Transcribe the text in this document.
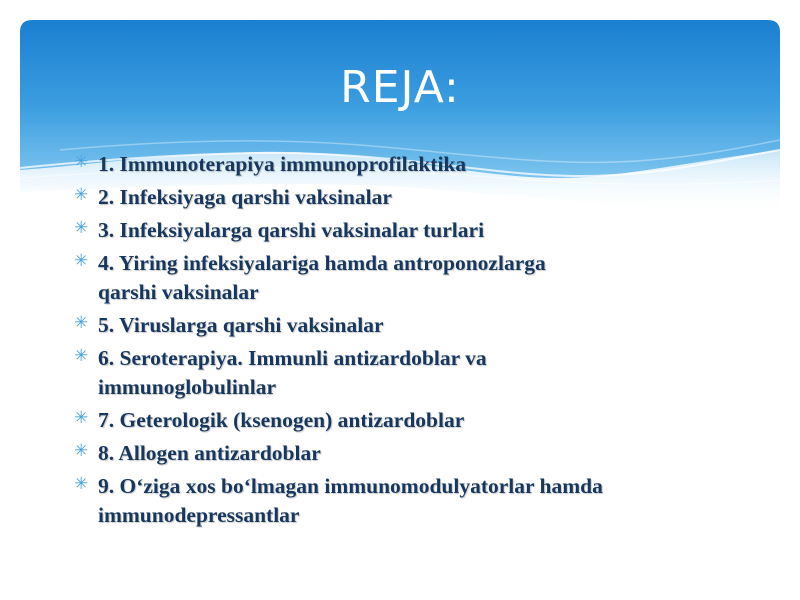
REJA:
✳ 1. Immunoterapiya immunoprofilaktika
✳ 2. Infeksiyaga qarshi vaksinalar
✳ 3. Infeksiyalarga qarshi vaksinalar turlari
✳ 4. Yiring infeksiyalariga hamda antroponozlarga
qarshi vaksinalar
✳ 5. Viruslarga qarshi vaksinalar
✳ 6. Seroterapiya. Immunli antizardoblar va
immunoglobulinlar
✳ 7. Geterologik (ksenogen) antizardoblar
✳ 8. Allogen antizardoblar
✳ 9. O‘ziga xos bo‘lmagan immunomodulyatorlar hamda
immunodepressantlar
